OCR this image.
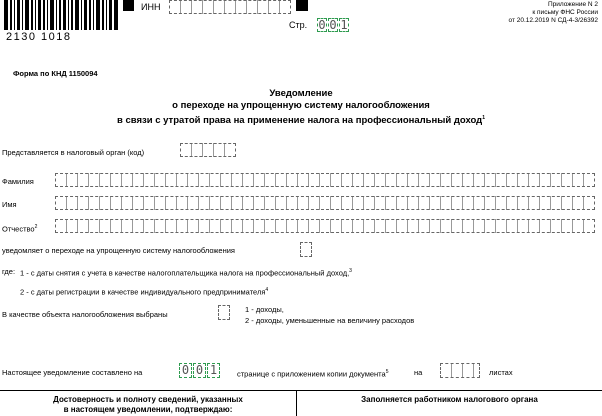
2130 1018
ИНН
Стр. 0 0 1
Приложение N 2
к письму ФНС России
от 20.12.2019 N СД-4-3/26392
Форма по КНД 1150094
Уведомление
о переходе на упрощенную систему налогообложения
в связи с утратой права на применение налога на профессиональный доход$^1$
Представляется в налоговый орган (код)
Фамилия
Имя
Отчество$^2$
уведомляет о переходе на упрощенную систему налогообложения
где: 1 - с даты снятия с учета в качестве налогоплательщика налога на профессиональный доход,$^3$
2 - с даты регистрации в качестве индивидуального предпринимателя$^4$
В качестве объекта налогообложения выбраны
1 - доходы,
2 - доходы, уменьшенные на величину расходов
Настоящее уведомление составлено на	0 0 1	странице с приложением копии документа$^5$	на	листах
Достоверность и полноту сведений, указанных
в настоящем уведомлении, подтверждаю:
Заполняется работником налогового органа
